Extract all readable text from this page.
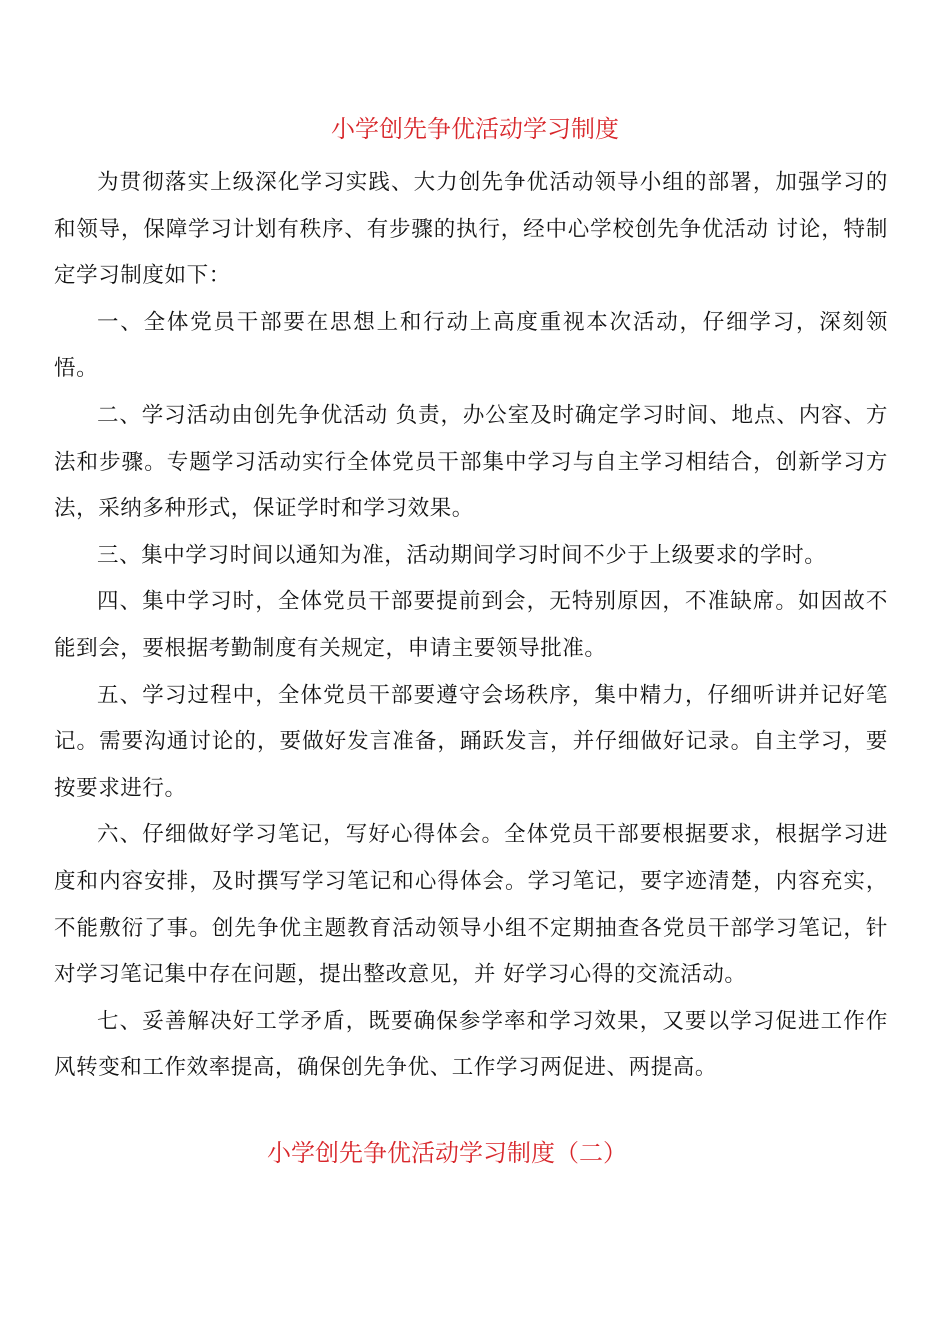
小学创先争优活动学习制度

为贯彻落实上级深化学习实践、大力创先争优活动领导小组的部署，加强学习的 和领导，保障学习计划有秩序、有步骤的执行，经中心学校创先争优活动 讨论，特制定学习制度如下：

一、全体党员干部要在思想上和行动上高度重视本次活动，仔细学习，深刻领悟。

二、学习活动由创先争优活动 负责，办公室及时确定学习时间、地点、内容、方法和步骤。专题学习活动实行全体党员干部集中学习与自主学习相结合，创新学习方法，采纳多种形式，保证学时和学习效果。

三、集中学习时间以通知为准，活动期间学习时间不少于上级要求的学时。

四、集中学习时，全体党员干部要提前到会，无特别原因，不准缺席。如因故不能到会，要根据考勤制度有关规定，申请主要领导批准。

五、学习过程中，全体党员干部要遵守会场秩序，集中精力，仔细听讲并记好笔记。需要沟通讨论的，要做好发言准备，踊跃发言，并仔细做好记录。自主学习，要按要求进行。

六、仔细做好学习笔记，写好心得体会。全体党员干部要根据要求，根据学习进度和内容安排，及时撰写学习笔记和心得体会。学习笔记，要字迹清楚，内容充实，不能敷衍了事。创先争优主题教育活动领导小组不定期抽查各党员干部学习笔记，针对学习笔记集中存在问题，提出整改意见，并 好学习心得的交流活动。

七、妥善解决好工学矛盾，既要确保参学率和学习效果，又要以学习促进工作作风转变和工作效率提高，确保创先争优、工作学习两促进、两提高。

小学创先争优活动学习制度（二）
